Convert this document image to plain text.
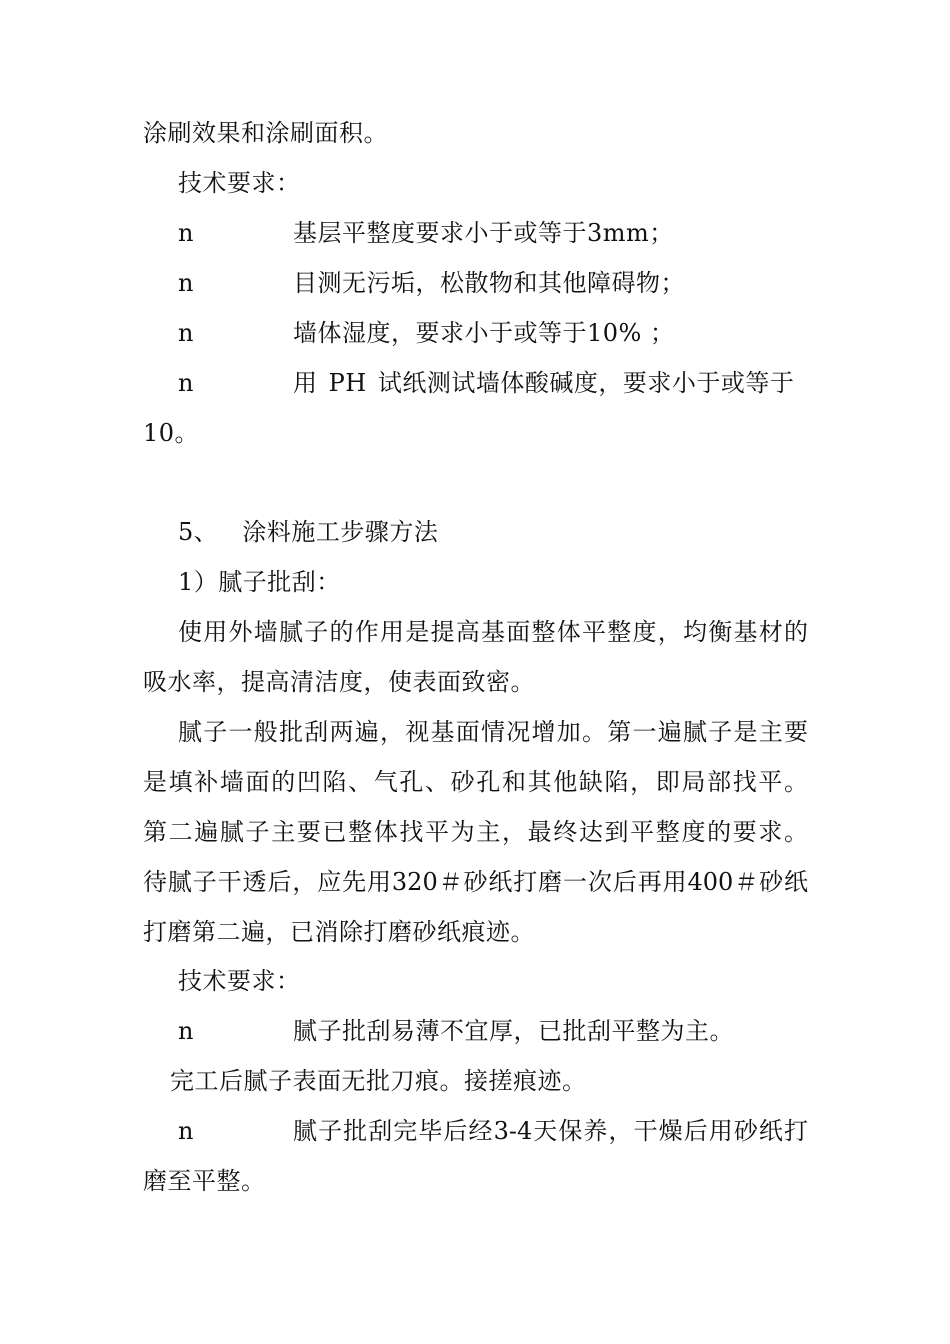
涂刷效果和涂刷面积。
技术要求：
n	基层平整度要求小于或等于3mm；
n	目测无污垢，松散物和其他障碍物；
n	墙体湿度，要求小于或等于10% ；
n	用 PH 试纸测试墙体酸碱度，要求小于或等于
10。
5、 涂料施工步骤方法
1）腻子批刮：
使用外墙腻子的作用是提高基面整体平整度，均衡基材的
吸水率，提高清洁度，使表面致密。
腻子一般批刮两遍，视基面情况增加。第一遍腻子是主要
是填补墙面的凹陷、气孔、砂孔和其他缺陷，即局部找平。
第二遍腻子主要已整体找平为主，最终达到平整度的要求。
待腻子干透后，应先用320＃砂纸打磨一次后再用400＃砂纸
打磨第二遍，已消除打磨砂纸痕迹。
技术要求：
n	腻子批刮易薄不宜厚，已批刮平整为主。
完工后腻子表面无批刀痕。接搓痕迹。
n	腻子批刮完毕后经3-4天保养，干燥后用砂纸打
磨至平整。
